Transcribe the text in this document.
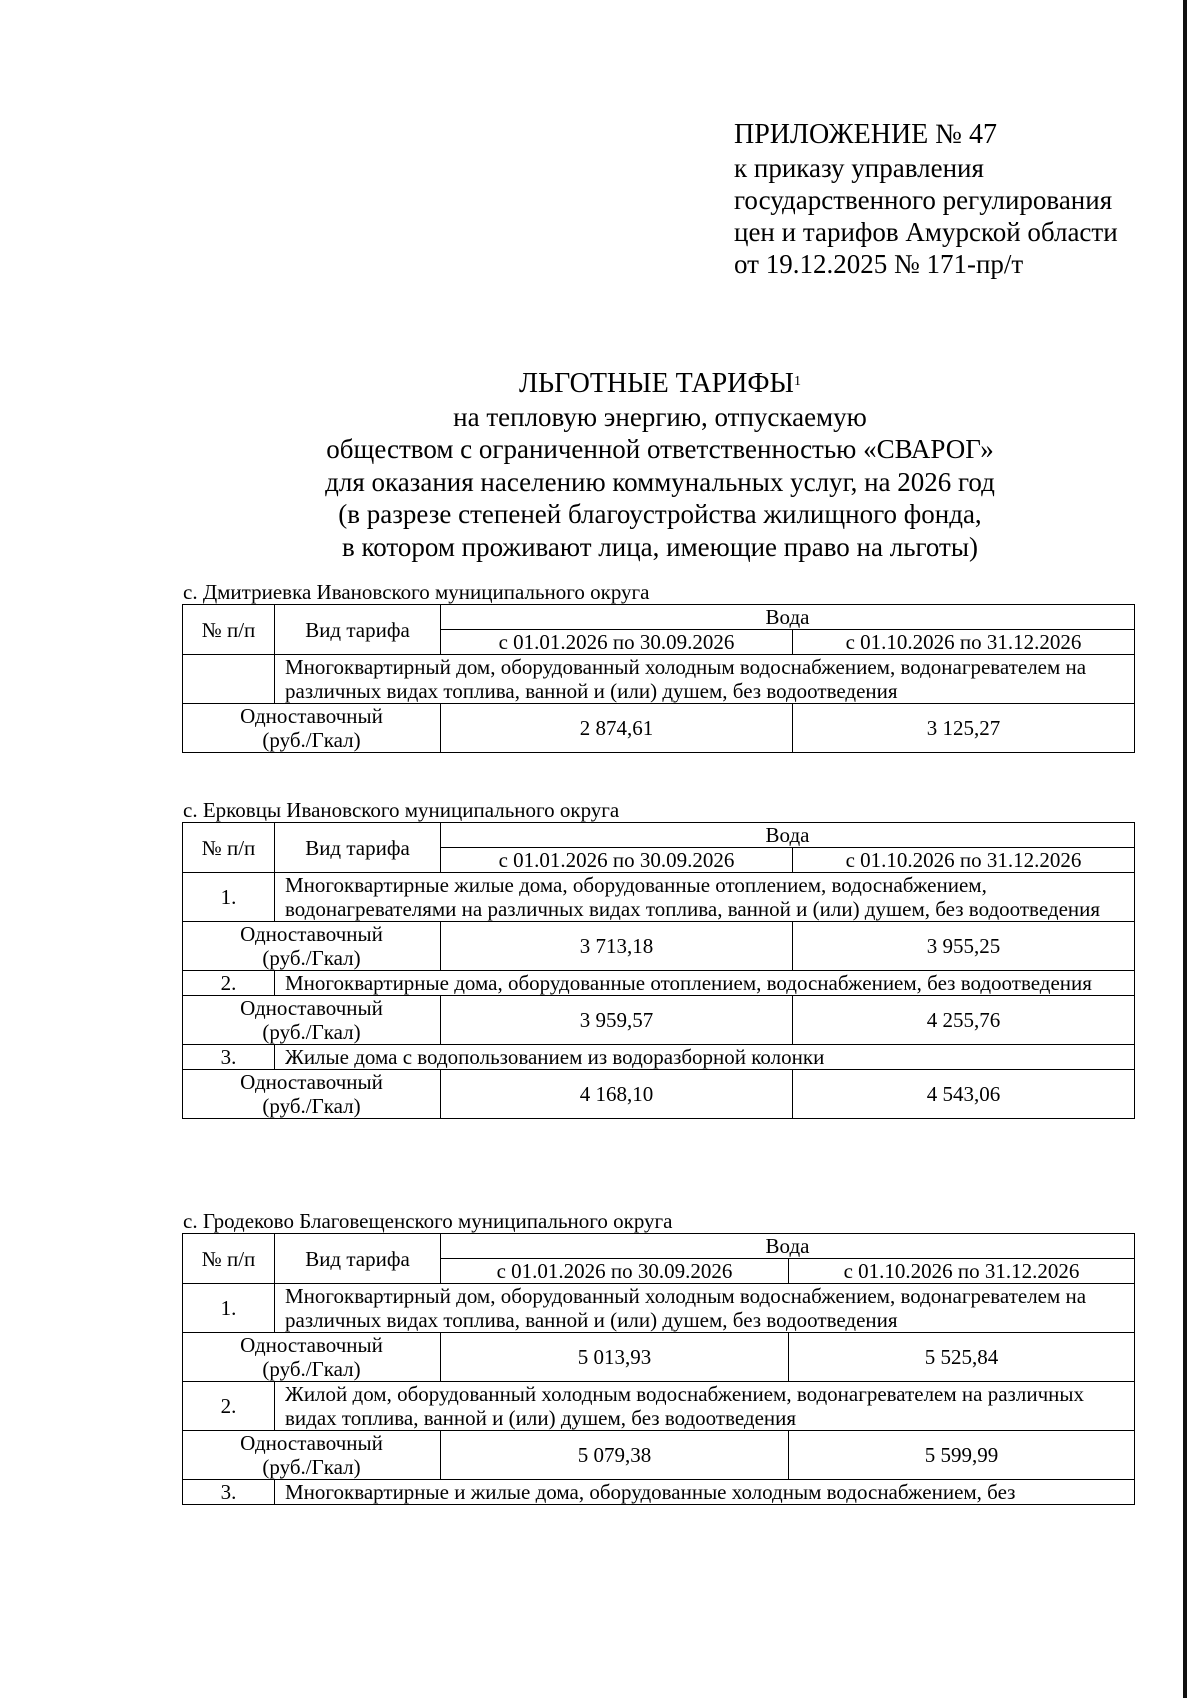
ПРИЛОЖЕНИЕ № 47
к приказу управления
государственного регулирования
цен и тарифов Амурской области
от 19.12.2025 № 171-пр/т
ЛЬГОТНЫЕ ТАРИФЫ$^1$
на тепловую энергию, отпускаемую
обществом с ограниченной ответственностью «СВАРОГ»
для оказания населению коммунальных услуг, на 2026 год
(в разрезе степеней благоустройства жилищного фонда,
в котором проживают лица, имеющие право на льготы)
с. Дмитриевка Ивановского муниципального округа
№ п/п	Вид тарифа	Вода	
		с 01.01.2026 по 30.09.2026	с 01.10.2026 по 31.12.2026
	Многоквартирный дом, оборудованный холодным водоснабжением, водонагревателем на различных видах топлива, ванной и (или) душем, без водоотведения		

Одноставочный
(руб./Гкал)		2 874,61	3 125,27
с. Ерковцы Ивановского муниципального округа
№ п/п	Вид тарифа	Вода	
		с 01.01.2026 по 30.09.2026	с 01.10.2026 по 31.12.2026
1.	Многоквартирные жилые дома, оборудованные отоплением, водоснабжением, водонагревателями на различных видах топлива, ванной и (или) душем, без водоотведения		

Одноставочный
(руб./Гкал)		3 713,18	3 955,25
2.	Многоквартирные дома, оборудованные отоплением, водоснабжением, без водоотведения		

Одноставочный
(руб./Гкал)		3 959,57	4 255,76
3.	Жилые дома с водопользованием из водоразборной колонки		

Одноставочный
(руб./Гкал)		4 168,10	4 543,06
с. Гродеково Благовещенского муниципального округа
№ п/п	Вид тарифа	Вода	
		с 01.01.2026 по 30.09.2026	с 01.10.2026 по 31.12.2026
1.	Многоквартирный дом, оборудованный холодным водоснабжением, водонагревателем на различных видах топлива, ванной и (или) душем, без водоотведения		

Одноставочный
(руб./Гкал)		5 013,93	5 525,84
2.	Жилой дом, оборудованный холодным водоснабжением, водонагревателем на различных видах топлива, ванной и (или) душем, без водоотведения		

Одноставочный
(руб./Гкал)		5 079,38	5 599,99
3.	Многоквартирные и жилые дома, оборудованные холодным водоснабжением, без		
